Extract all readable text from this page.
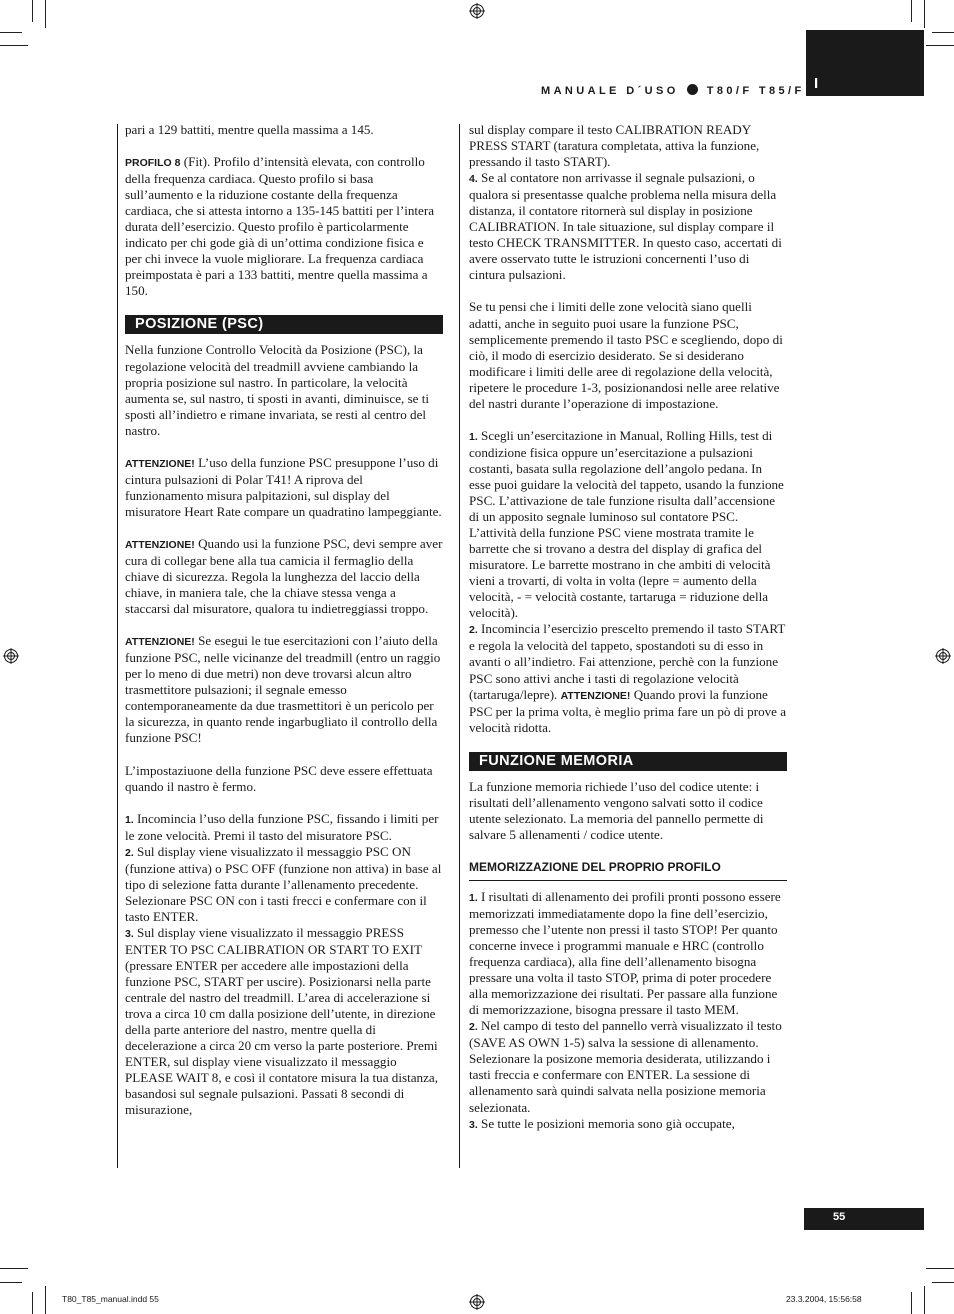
I
MANUALE D´USO	T80/F T85/F

pari a 129 battiti, mentre quella massima a 145.

PROFILO 8 (Fit). Profilo d’intensità elevata, con controllo della frequenza cardiaca. Questo profilo si basa sull’aumento e la riduzione costante della frequenza cardiaca, che si attesta intorno a 135-145 battiti per l’intera durata dell’esercizio. Questo profilo è particolarmente indicato per chi gode già di un’ottima condizione fisica e per chi invece la vuole migliorare. La frequenza cardiaca preimpostata è pari a 133 battiti, mentre quella massima a 150.

POSIZIONE (PSC)

Nella funzione Controllo Velocità da Posizione (PSC), la regolazione velocità del treadmill avviene cambiando la propria posizione sul nastro. In particolare, la velocità aumenta se, sul nastro, ti sposti in avanti, diminuisce, se ti sposti all’indietro e rimane invariata, se resti al centro del nastro.

ATTENZIONE! L’uso della funzione PSC presuppone l’uso di cintura pulsazioni di Polar T41! A riprova del funzionamento misura palpitazioni, sul display del misuratore Heart Rate compare un quadratino lampeggiante.

ATTENZIONE! Quando usi la funzione PSC, devi sempre aver cura di collegar bene alla tua camicia il fermaglio della chiave di sicurezza. Regola la lunghezza del laccio della chiave, in maniera tale, che la chiave stessa venga a staccarsi dal misuratore, qualora tu indietreggiassi troppo.

ATTENZIONE! Se esegui le tue esercitazioni con l’aiuto della funzione PSC, nelle vicinanze del treadmill (entro un raggio per lo meno di due metri) non deve trovarsi alcun altro trasmettitore pulsazioni; il segnale emesso contemporaneamente da due trasmettitori è un pericolo per la sicurezza, in quanto rende ingarbugliato il controllo della funzione PSC!

L’impostaziuone della funzione PSC deve essere effettuata quando il nastro è fermo.

1. Incomincia l’uso della funzione PSC, fissando i limiti per le zone velocità. Premi il tasto del misuratore PSC.

2. Sul display viene visualizzato il messaggio PSC ON (funzione attiva) o PSC OFF (funzione non attiva) in base al tipo di selezione fatta durante l’allenamento precedente. Selezionare PSC ON con i tasti frecci e confermare con il tasto ENTER.

3. Sul display viene visualizzato il messaggio PRESS ENTER TO PSC CALIBRATION OR START TO EXIT (pressare ENTER per accedere alle impostazioni della funzione PSC, START per uscire). Posizionarsi nella parte centrale del nastro del treadmill. L’area di accelerazione si trova a circa 10 cm dalla posizione dell’utente, in direzione della parte anteriore del nastro, mentre quella di decelerazione a circa 20 cm verso la parte posteriore. Premi ENTER, sul display viene visualizzato il messaggio PLEASE WAIT 8, e così il contatore misura la tua distanza, basandosi sul segnale pulsazioni. Passati 8 secondi di misurazione,

sul display compare il testo CALIBRATION READY PRESS START (taratura completata, attiva la funzione, pressando il tasto START).

4. Se al contatore non arrivasse il segnale pulsazioni, o qualora si presentasse qualche problema nella misura della distanza, il contatore ritornerà sul display in posizione CALIBRATION. In tale situazione, sul display compare il testo CHECK TRANSMITTER. In questo caso, accertati di avere osservato tutte le istruzioni concernenti l’uso di cintura pulsazioni.

Se tu pensi che i limiti delle zone velocità siano quelli adatti, anche in seguito puoi usare la funzione PSC, semplicemente premendo il tasto PSC e scegliendo, dopo di ciò, il modo di esercizio desiderato. Se si desiderano modificare i limiti delle aree di regolazione della velocità, ripetere le procedure 1-3, posizionandosi nelle aree relative del nastri durante l’operazione di impostazione.

1. Scegli un’esercitazione in Manual, Rolling Hills, test di condizione fisica oppure un’esercitazione a pulsazioni costanti, basata sulla regolazione dell’angolo pedana. In esse puoi guidare la velocità del tappeto, usando la funzione PSC. L’attivazione de tale funzione risulta dall’accensione di un apposito segnale luminoso sul contatore PSC. L’attività della funzione PSC viene mostrata tramite le barrette che si trovano a destra del display di grafica del misuratore. Le barrette mostrano in che ambiti di velocità vieni a trovarti, di volta in volta (lepre = aumento della velocità, - = velocità costante, tartaruga = riduzione della velocità).

2. Incomincia l’esercizio prescelto premendo il tasto START e regola la velocità del tappeto, spostandoti su di esso in avanti o all’indietro. Fai attenzione, perchè con la funzione PSC sono attivi anche i tasti di regolazione velocità (tartaruga/lepre). ATTENZIONE! Quando provi la funzione PSC per la prima volta, è meglio prima fare un pò di prove a velocità ridotta.

FUNZIONE MEMORIA

La funzione memoria richiede l’uso del codice utente: i risultati dell’allenamento vengono salvati sotto il codice utente selezionato. La memoria del pannello permette di salvare 5 allenamenti / codice utente.

MEMORIZZAZIONE DEL PROPRIO PROFILO

1. I risultati di allenamento dei profili pronti possono essere memorizzati immediatamente dopo la fine dell’esercizio, premesso che l’utente non pressi il tasto STOP! Per quanto concerne invece i programmi manuale e HRC (controllo frequenza cardiaca), alla fine dell’allenamento bisogna pressare una volta il tasto STOP, prima di poter procedere alla memorizzazione dei risultati. Per passare alla funzione di memorizzazione, bisogna pressare il tasto MEM.

2. Nel campo di testo del pannello verrà visualizzato il testo (SAVE AS OWN 1-5) salva la sessione di allenamento. Selezionare la posizone memoria desiderata, utilizzando i tasti freccia e confermare con ENTER. La sessione di allenamento sarà quindi salvata nella posizione memoria selezionata.

3. Se tutte le posizioni memoria sono già occupate,

55
T80_T85_manual.indd 55	23.3.2004, 15:56:58
